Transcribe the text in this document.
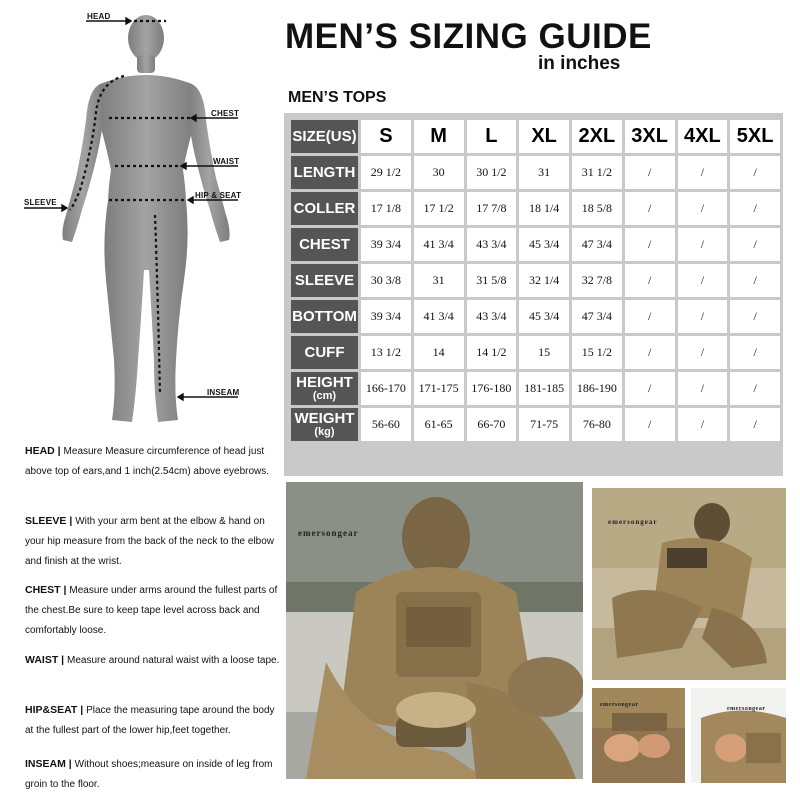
HEAD
CHEST
WAIST
HIP & SEAT
SLEEVE
INSEAM
MEN’S SIZING GUIDE
in inches
MEN’S TOPS
SIZE(US)	S	M	L	XL	2XL	3XL	4XL	5XL
LENGTH	29 1/2	30	30 1/2	31	31 1/2	/	/	/
COLLER	17 1/8	17 1/2	17 7/8	18 1/4	18 5/8	/	/	/
CHEST	39 3/4	41 3/4	43 3/4	45 3/4	47 3/4	/	/	/
SLEEVE	30 3/8	31	31 5/8	32 1/4	32 7/8	/	/	/
BOTTOM	39 3/4	41 3/4	43 3/4	45 3/4	47 3/4	/	/	/
CUFF	13 1/2	14	14 1/2	15	15 1/2	/	/	/
HEIGHT
(cm)	166-170	171-175	176-180	181-185	186-190	/	/	/
WEIGHT
(kg)	56-60	61-65	66-70	71-75	76-80	/	/	/
HEAD | Measure Measure circumference of head just above top of ears,and 1 inch(2.54cm) above eyebrows.
SLEEVE | With your arm bent at the elbow & hand on your hip measure from the back of the neck to the elbow and finish at the wrist.
CHEST | Measure under arms around the fullest parts of the chest.Be sure to keep tape level across back and comfortably loose.
WAIST | Measure around natural waist with a loose tape.
HIP&SEAT | Place the measuring tape around the body at the fullest part of the lower hip,feet together.
INSEAM | Without shoes;measure on inside of leg from groin to the floor.
emersongear
emersongear
emersongear
emersongear
